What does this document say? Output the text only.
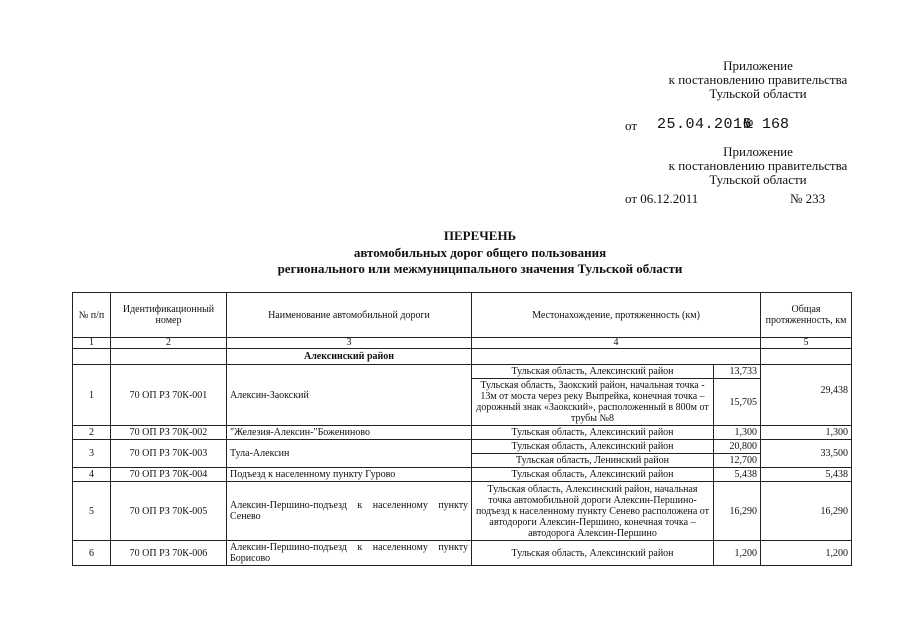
Приложение
к постановлению правительства
Тульской области
от 25.04.2016
№ 168
Приложение
к постановлению правительства
Тульской области
от 06.12.2011	№ 233
ПЕРЕЧЕНЬ
автомобильных дорог общего пользования
регионального или межмуниципального значения Тульской области
№ п/п	Идентификационный номер	Наименование автомобильной дороги	Местонахождение, протяженность (км)		Общая протяженность, км
1	2	3	4		5
		Алексинский район			
1	70 ОП РЗ 70К-001	Алексин-Заокский	Тульская область, Алексинский район	13,733	29,438
			Тульская область, Заокский район, начальная точка - 13м от моста через реку Выпрейка, конечная точка – дорожный знак «Заокский», расположенный в 800м от трубы №8	15,705	
2	70 ОП РЗ 70К-002	"Железия-Алексин-"Боженинoво	Тульская область, Алексинский район	1,300	1,300
3	70 ОП РЗ 70К-003	Тула-Алексин	Тульская область, Алексинский район	20,800	33,500
			Тульская область, Ленинский район	12,700	
4	70 ОП РЗ 70К-004	Подъезд к населенному пункту Гурово	Тульская область, Алексинский район	5,438	5,438
5	70 ОП РЗ 70К-005	Алексин-Першино-подъезд к населенному пункту Сенево	Тульская область, Алексинский район, начальная точка автомобильной дороги Алексин-Першино-подъезд к населенному пункту Сенево расположена от автодороги Алексин-Першино, конечная точка – автодорога Алексин-Першино	16,290	16,290
6	70 ОП РЗ 70К-006	Алексин-Першино-подъезд к населенному пункту Борисово	Тульская область, Алексинский район	1,200	1,200
